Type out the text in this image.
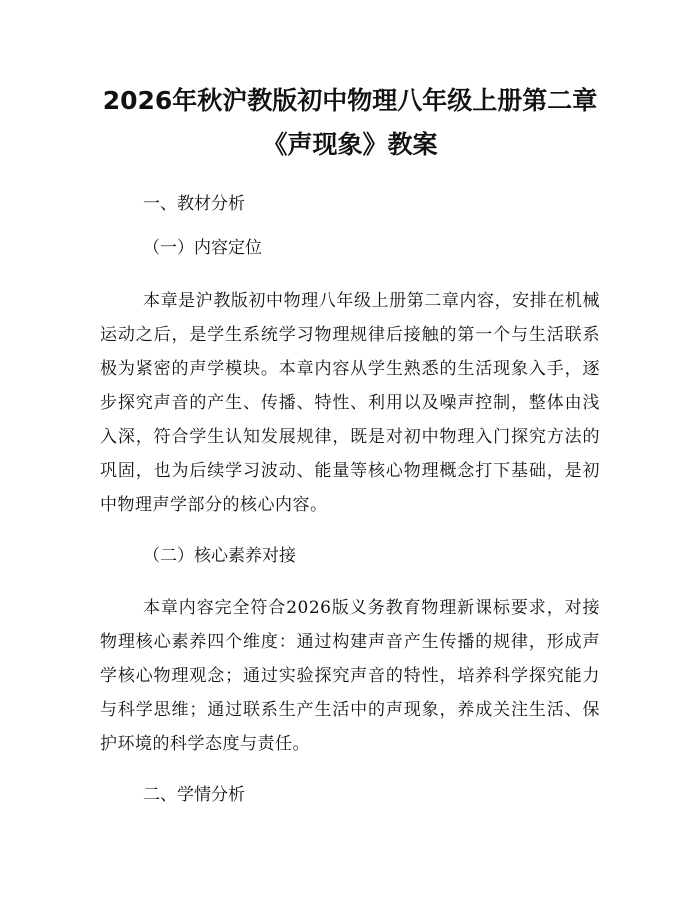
2026年秋沪教版初中物理八年级上册第二章
《声现象》教案

一、教材分析

（一）内容定位

本章是沪教版初中物理八年级上册第二章内容，安排在机械运动之后，是学生系统学习物理规律后接触的第一个与生活联系极为紧密的声学模块。本章内容从学生熟悉的生活现象入手，逐步探究声音的产生、传播、特性、利用以及噪声控制，整体由浅入深，符合学生认知发展规律，既是对初中物理入门探究方法的巩固，也为后续学习波动、能量等核心物理概念打下基础，是初中物理声学部分的核心内容。

（二）核心素养对接

本章内容完全符合2026版义务教育物理新课标要求，对接物理核心素养四个维度：通过构建声音产生传播的规律，形成声学核心物理观念；通过实验探究声音的特性，培养科学探究能力与科学思维；通过联系生产生活中的声现象，养成关注生活、保护环境的科学态度与责任。

二、学情分析
